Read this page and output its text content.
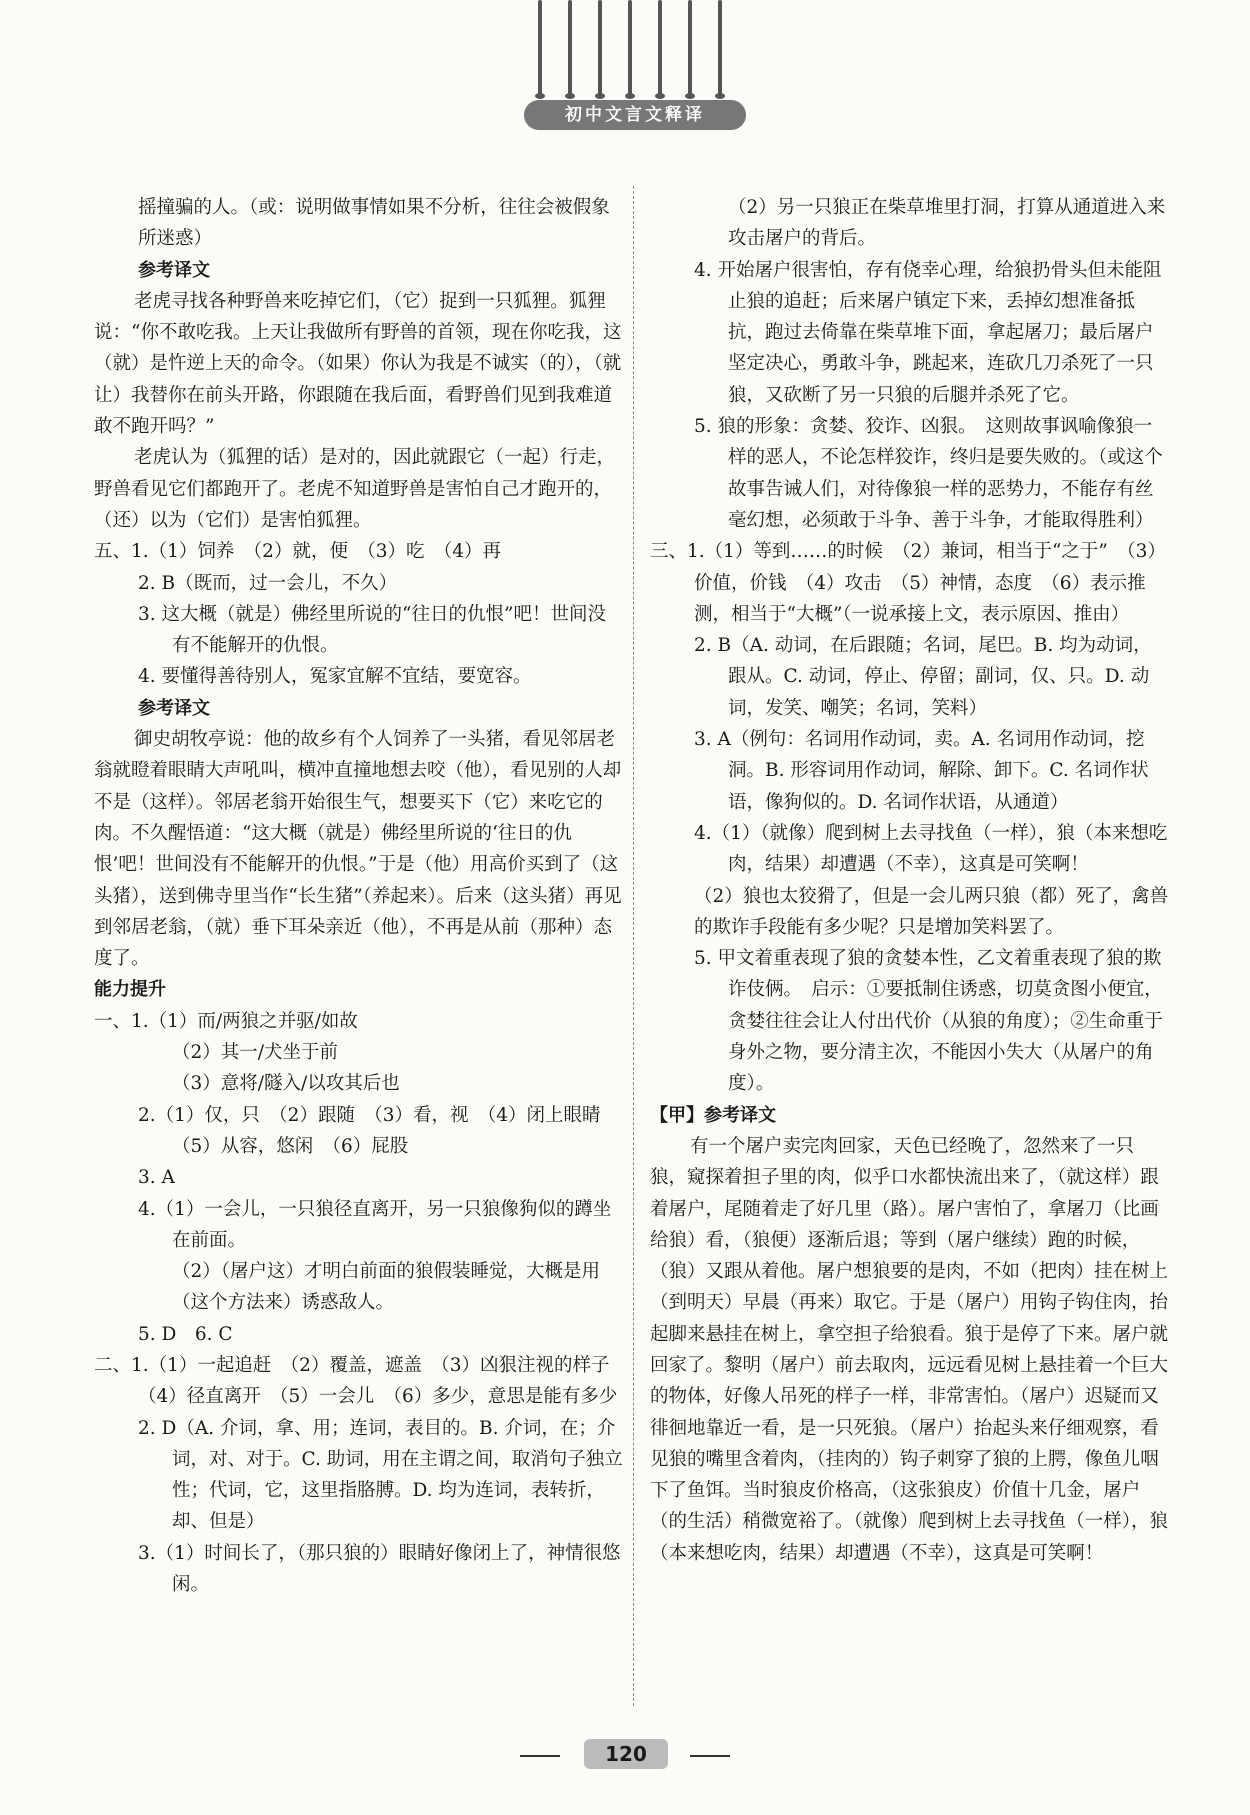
初中文言文释译
摇撞骗的人。（或：说明做事情如果不分析，往往会被假象所迷惑）
参考译文
老虎寻找各种野兽来吃掉它们，（它）捉到一只狐狸。狐狸说：“你不敢吃我。上天让我做所有野兽的首领，现在你吃我，这（就）是忤逆上天的命令。（如果）你认为我是不诚实（的），（就让）我替你在前头开路，你跟随在我后面，看野兽们见到我难道敢不跑开吗？”
老虎认为（狐狸的话）是对的，因此就跟它（一起）行走，野兽看见它们都跑开了。老虎不知道野兽是害怕自己才跑开的，（还）以为（它们）是害怕狐狸。
五、1.（1）饲养　（2）就，便　（3）吃　（4）再
2. B（既而，过一会儿，不久）
3. 这大概（就是）佛经里所说的“往日的仇恨”吧！世间没有不能解开的仇恨。
4. 要懂得善待别人，冤家宜解不宜结，要宽容。
参考译文
御史胡牧亭说：他的故乡有个人饲养了一头猪，看见邻居老翁就瞪着眼睛大声吼叫，横冲直撞地想去咬（他），看见别的人却不是（这样）。邻居老翁开始很生气，想要买下（它）来吃它的肉。不久醒悟道：“这大概（就是）佛经里所说的‘往日的仇恨’吧！世间没有不能解开的仇恨。”于是（他）用高价买到了（这头猪），送到佛寺里当作“长生猪”（养起来）。后来（这头猪）再见到邻居老翁，（就）垂下耳朵亲近（他），不再是从前（那种）态度了。
能力提升
一、1.（1）而/两狼之并驱/如故
（2）其一/犬坐于前
（3）意将/隧入/以攻其后也
2.（1）仅，只　（2）跟随　（3）看，视　（4）闭上眼睛
（5）从容，悠闲　（6）屁股
3. A
4.（1）一会儿，一只狼径直离开，另一只狼像狗似的蹲坐在前面。
（2）（屠户这）才明白前面的狼假装睡觉，大概是用（这个方法来）诱惑敌人。
5. D　6. C
二、1.（1）一起追赶　（2）覆盖，遮盖　（3）凶狠注视的样子　（4）径直离开　（5）一会儿　（6）多少，意思是能有多少
2. D（A. 介词，拿、用；连词，表目的。B. 介词，在；介词，对、对于。C. 助词，用在主谓之间，取消句子独立性；代词，它，这里指胳膊。D. 均为连词，表转折，却、但是）
3.（1）时间长了，（那只狼的）眼睛好像闭上了，神情很悠闲。
（2）另一只狼正在柴草堆里打洞，打算从通道进入来攻击屠户的背后。
4. 开始屠户很害怕，存有侥幸心理，给狼扔骨头但未能阻止狼的追赶；后来屠户镇定下来，丢掉幻想准备抵抗，跑过去倚靠在柴草堆下面，拿起屠刀；最后屠户坚定决心，勇敢斗争，跳起来，连砍几刀杀死了一只狼，又砍断了另一只狼的后腿并杀死了它。
5. 狼的形象：贪婪、狡诈、凶狠。　这则故事讽喻像狼一样的恶人，不论怎样狡诈，终归是要失败的。（或这个故事告诫人们，对待像狼一样的恶势力，不能存有丝毫幻想，必须敢于斗争、善于斗争，才能取得胜利）
三、1.（1）等到……的时候　（2）兼词，相当于“之于”　（3）价值，价钱　（4）攻击　（5）神情，态度　（6）表示推测，相当于“大概”（一说承接上文，表示原因、推由）
2. B（A. 动词，在后跟随；名词，尾巴。B. 均为动词，跟从。C. 动词，停止、停留；副词，仅、只。D. 动词，发笑、嘲笑；名词，笑料）
3. A（例句：名词用作动词，卖。A. 名词用作动词，挖洞。B. 形容词用作动词，解除、卸下。C. 名词作状语，像狗似的。D. 名词作状语，从通道）
4.（1）（就像）爬到树上去寻找鱼（一样），狼（本来想吃肉，结果）却遭遇（不幸），这真是可笑啊！
（2）狼也太狡猾了，但是一会儿两只狼（都）死了，禽兽的欺诈手段能有多少呢？只是增加笑料罢了。
5. 甲文着重表现了狼的贪婪本性，乙文着重表现了狼的欺诈伎俩。　启示：①要抵制住诱惑，切莫贪图小便宜，贪婪往往会让人付出代价（从狼的角度）；②生命重于身外之物，要分清主次，不能因小失大（从屠户的角度）。
【甲】参考译文
有一个屠户卖完肉回家，天色已经晚了，忽然来了一只狼，窥探着担子里的肉，似乎口水都快流出来了，（就这样）跟着屠户，尾随着走了好几里（路）。屠户害怕了，拿屠刀（比画给狼）看，（狼便）逐渐后退；等到（屠户继续）跑的时候，（狼）又跟从着他。屠户想狼要的是肉，不如（把肉）挂在树上（到明天）早晨（再来）取它。于是（屠户）用钩子钩住肉，抬起脚来悬挂在树上，拿空担子给狼看。狼于是停了下来。屠户就回家了。黎明（屠户）前去取肉，远远看见树上悬挂着一个巨大的物体，好像人吊死的样子一样，非常害怕。（屠户）迟疑而又徘徊地靠近一看，是一只死狼。（屠户）抬起头来仔细观察，看见狼的嘴里含着肉，（挂肉的）钩子刺穿了狼的上腭，像鱼儿咽下了鱼饵。当时狼皮价格高，（这张狼皮）价值十几金，屠户（的生活）稍微宽裕了。（就像）爬到树上去寻找鱼（一样），狼（本来想吃肉，结果）却遭遇（不幸），这真是可笑啊！
120
